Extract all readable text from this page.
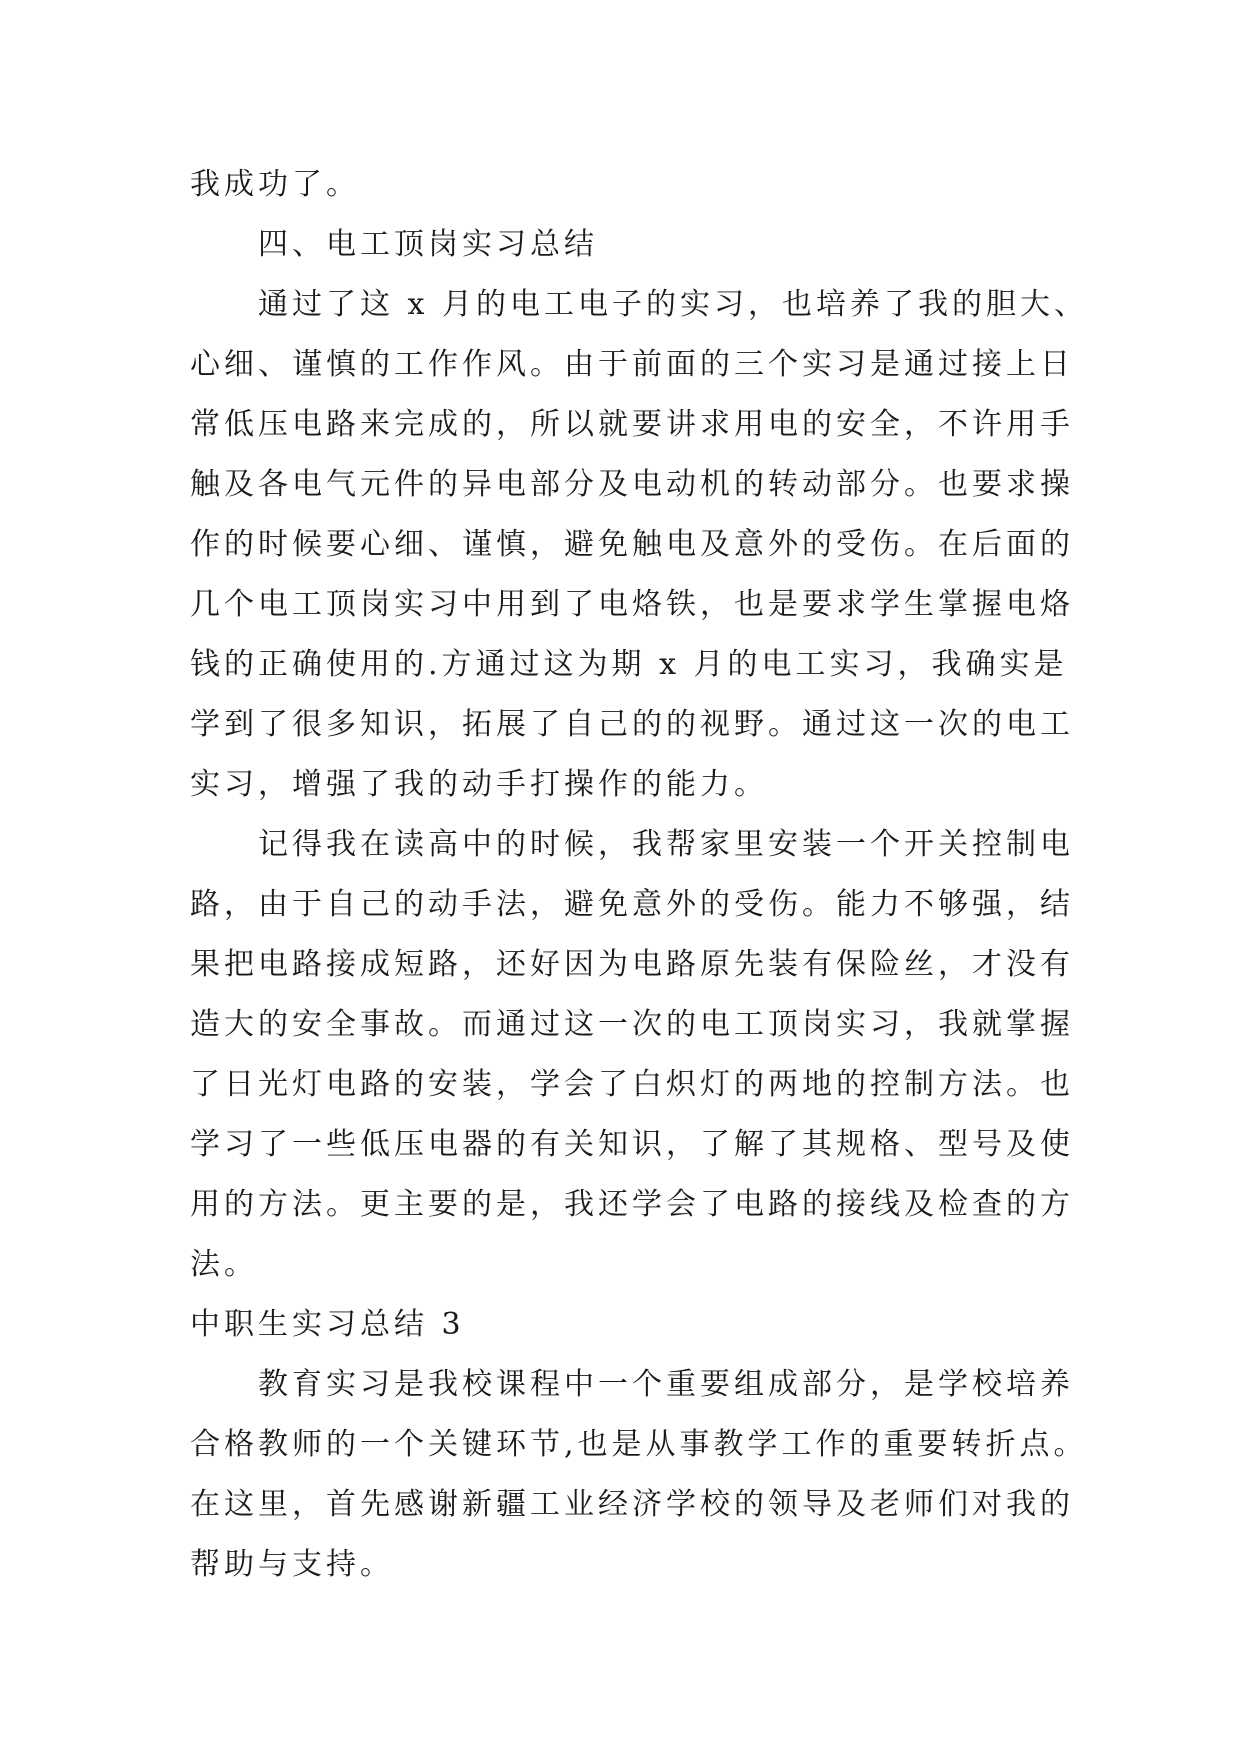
我成功了。
四、电工顶岗实习总结
通过了这 x 月的电工电子的实习，也培养了我的胆大、
心细、谨慎的工作作风。由于前面的三个实习是通过接上日
常低压电路来完成的，所以就要讲求用电的安全，不许用手
触及各电气元件的异电部分及电动机的转动部分。也要求操
作的时候要心细、谨慎，避免触电及意外的受伤。在后面的
几个电工顶岗实习中用到了电烙铁，也是要求学生掌握电烙
钱的正确使用的.方通过这为期 x 月的电工实习，我确实是
学到了很多知识，拓展了自己的的视野。通过这一次的电工
实习，增强了我的动手打操作的能力。
记得我在读高中的时候，我帮家里安装一个开关控制电
路，由于自己的动手法，避免意外的受伤。能力不够强，结
果把电路接成短路，还好因为电路原先装有保险丝，才没有
造大的安全事故。而通过这一次的电工顶岗实习，我就掌握
了日光灯电路的安装，学会了白炽灯的两地的控制方法。也
学习了一些低压电器的有关知识，了解了其规格、型号及使
用的方法。更主要的是，我还学会了电路的接线及检查的方
法。
中职生实习总结 3
教育实习是我校课程中一个重要组成部分，是学校培养
合格教师的一个关键环节,也是从事教学工作的重要转折点。
在这里，首先感谢新疆工业经济学校的领导及老师们对我的
帮助与支持。
